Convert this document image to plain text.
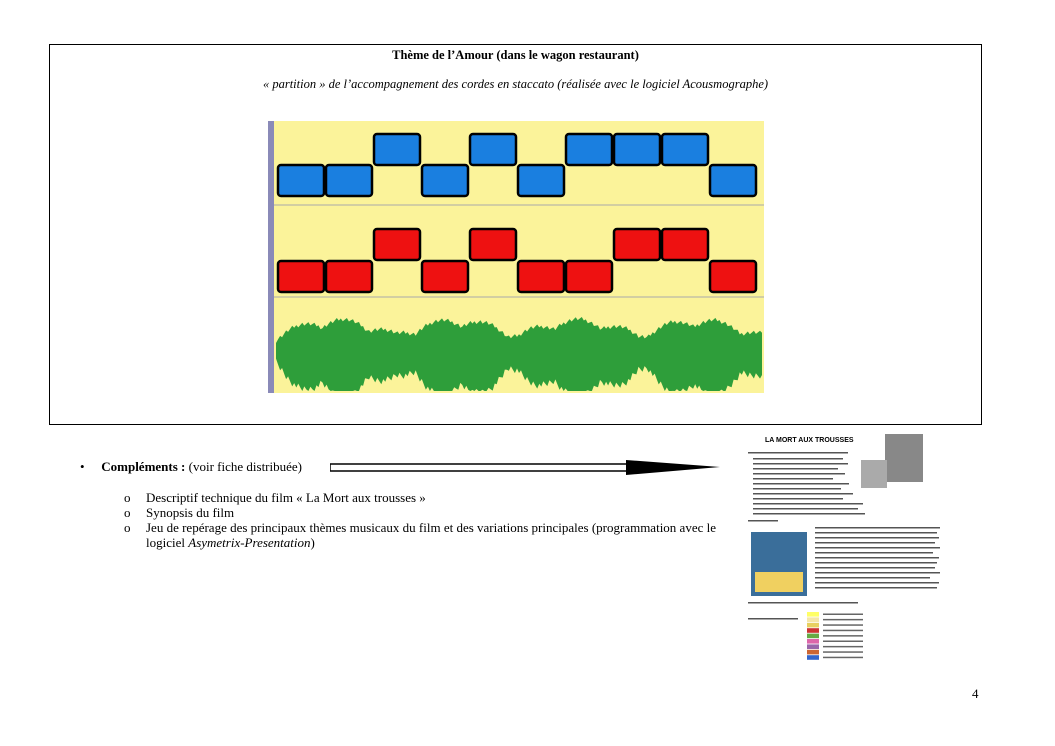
Thème de l’Amour (dans le wagon restaurant)
« partition » de l’accompagnement des cordes en staccato (réalisée avec le logiciel Acousmographe)
• Compléments : (voir fiche distribuée)
o Descriptif technique du film « La Mort aux trousses »
o Synopsis du film
o Jeu de repérage des principaux thèmes musicaux du film et des variations principales (programmation avec le logiciel Asymetrix-Presentation)
LA MORT AUX TROUSSES
4
